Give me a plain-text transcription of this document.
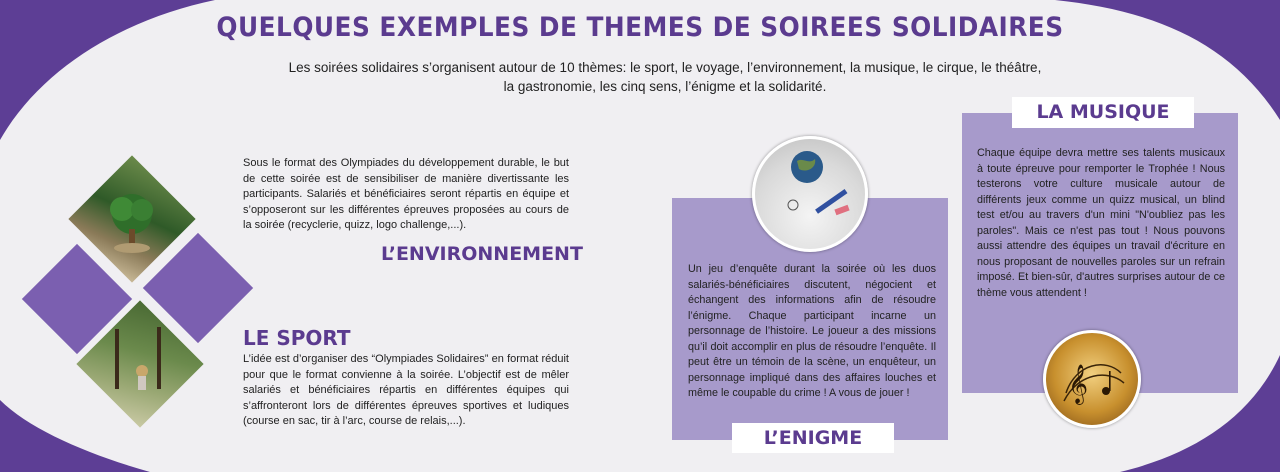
QUELQUES EXEMPLES DE THEMES DE SOIREES SOLIDAIRES
Les soirées solidaires s’organisent autour de 10 thèmes: le sport, le voyage, l’environnement, la musique, le cirque, le théâtre,
la gastronomie, les cinq sens, l’énigme et la solidarité.
Sous le format des Olympiades du développement durable, le but de cette soirée est de sensibiliser de manière divertissante les participants. Salariés et bénéficiaires seront répartis en équipe et s’opposeront sur les différentes épreuves proposées au cours de la soirée (recyclerie, quizz, logo challenge,...).
L’ENVIRONNEMENT
LE SPORT
L’idée est d’organiser des “Olympiades Solidaires” en format réduit pour que le format convienne à la soirée. L’objectif est de mêler salariés et bénéficiaires répartis en différentes équipes qui s’affronteront lors de différentes épreuves sportives et ludiques (course en sac, tir à l’arc, course de relais,...).
Un jeu d’enquête durant la soirée où les duos salariés-bénéficiaires discutent, négocient et échangent des informations afin de résoudre l’énigme. Chaque participant incarne un personnage de l’histoire. Le joueur a des missions qu’il doit accomplir en plus de résoudre l’enquête. Il peut être un témoin de la scène, un enquêteur, un personnage impliqué dans des affaires louches et même le coupable du crime ! A vous de jouer !
L’ENIGME
LA MUSIQUE
Chaque équipe devra mettre ses talents musicaux à toute épreuve pour remporter le Trophée ! Nous testerons votre culture musicale autour de différents jeux comme un quizz musical, un blind test et/ou au travers d'un mini "N'oubliez pas les paroles". Mais ce n'est pas tout ! Nous pouvons aussi attendre des équipes un travail d'écriture en nous proposant de nouvelles paroles sur un refrain imposé. Et bien-sûr, d'autres surprises autour de ce thème vous attendent !
𝄞
